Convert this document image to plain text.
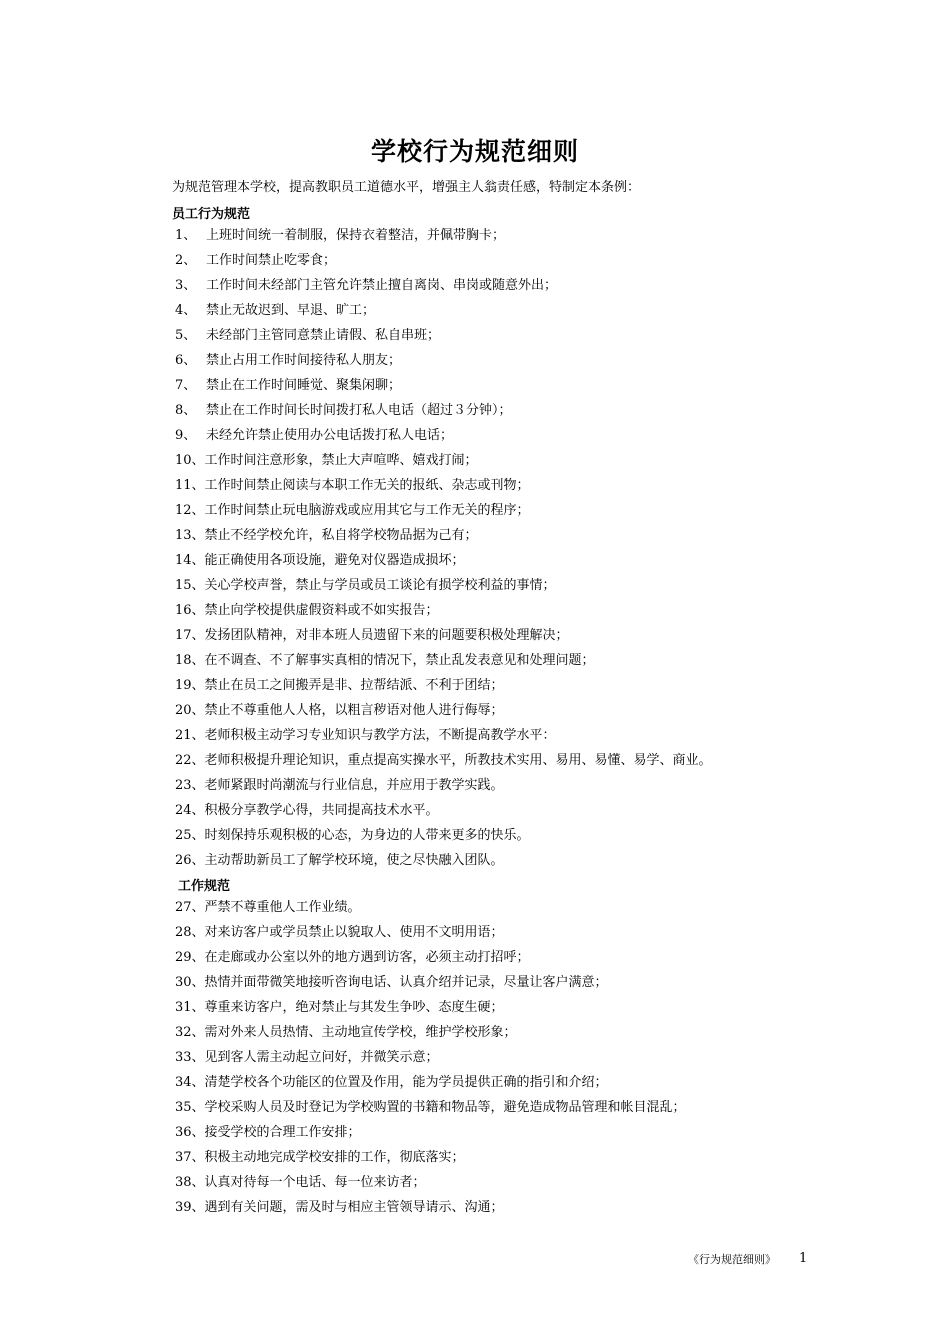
学校行为规范细则
为规范管理本学校，提高教职员工道德水平，增强主人翁责任感，特制定本条例：
员工行为规范
1、 上班时间统一着制服，保持衣着整洁，并佩带胸卡；
2、 工作时间禁止吃零食；
3、 工作时间未经部门主管允许禁止擅自离岗、串岗或随意外出；
4、 禁止无故迟到、早退、旷工；
5、 未经部门主管同意禁止请假、私自串班；
6、 禁止占用工作时间接待私人朋友；
7、 禁止在工作时间睡觉、聚集闲聊；
8、 禁止在工作时间长时间拨打私人电话（超过３分钟）；
9、 未经允许禁止使用办公电话拨打私人电话；
10、 工作时间注意形象，禁止大声喧哗、嬉戏打闹；
11、 工作时间禁止阅读与本职工作无关的报纸、杂志或刊物；
12、 工作时间禁止玩电脑游戏或应用其它与工作无关的程序；
13、 禁止不经学校允许，私自将学校物品据为己有；
14、 能正确使用各项设施，避免对仪器造成损坏；
15、 关心学校声誉，禁止与学员或员工谈论有损学校利益的事情；
16、 禁止向学校提供虚假资料或不如实报告；
17、 发扬团队精神，对非本班人员遗留下来的问题要积极处理解决；
18、 在不调查、不了解事实真相的情况下，禁止乱发表意见和处理问题；
19、 禁止在员工之间搬弄是非、拉帮结派、不利于团结；
20、 禁止不尊重他人人格，以粗言秽语对他人进行侮辱；
21、 老师积极主动学习专业知识与教学方法，不断提高教学水平：
22、 老师积极提升理论知识，重点提高实操水平，所教技术实用、易用、易懂、易学、商业。
23、 老师紧跟时尚潮流与行业信息，并应用于教学实践。
24、 积极分享教学心得，共同提高技术水平。
25、 时刻保持乐观积极的心态，为身边的人带来更多的快乐。
26、 主动帮助新员工了解学校环境，使之尽快融入团队。
工作规范
27、 严禁不尊重他人工作业绩。
28、 对来访客户或学员禁止以貌取人、使用不文明用语；
29、 在走廊或办公室以外的地方遇到访客，必须主动打招呼；
30、 热情并面带微笑地接听咨询电话、认真介绍并记录，尽量让客户满意；
31、 尊重来访客户，绝对禁止与其发生争吵、态度生硬；
32、 需对外来人员热情、主动地宣传学校，维护学校形象；
33、 见到客人需主动起立问好，并微笑示意；
34、 清楚学校各个功能区的位置及作用，能为学员提供正确的指引和介绍；
35、 学校采购人员及时登记为学校购置的书籍和物品等，避免造成物品管理和帐目混乱；
36、 接受学校的合理工作安排；
37、 积极主动地完成学校安排的工作，彻底落实；
38、 认真对待每一个电话、每一位来访者；
39、 遇到有关问题，需及时与相应主管领导请示、沟通；
《行为规范细则》 1
